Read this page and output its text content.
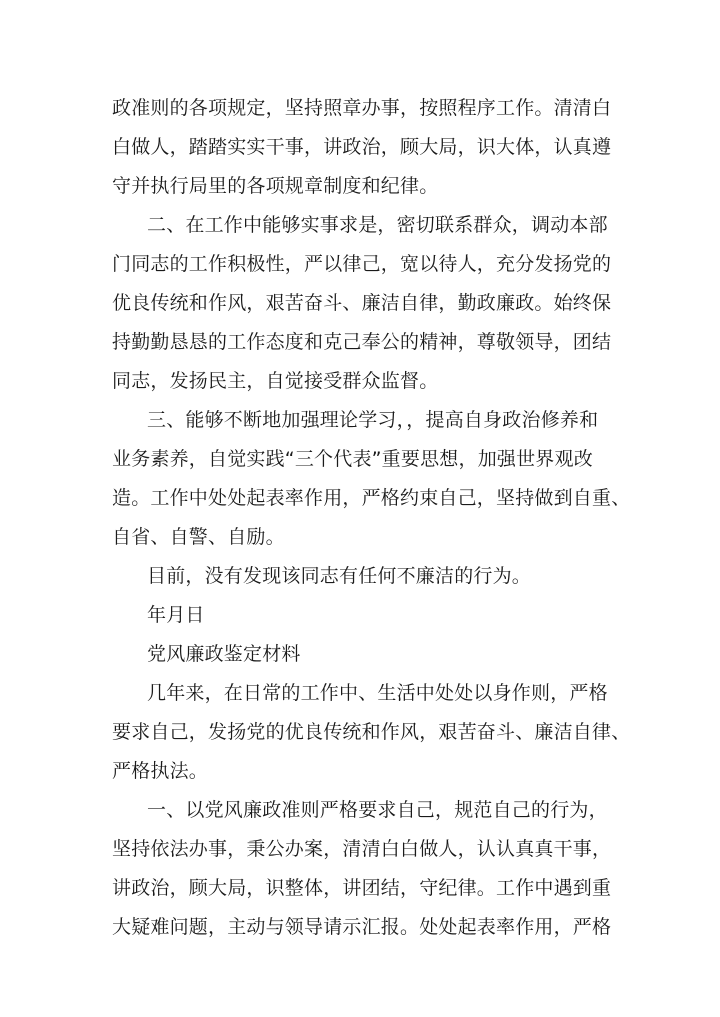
政准则的各项规定，坚持照章办事，按照程序工作。清清白
白做人，踏踏实实干事，讲政治，顾大局，识大体，认真遵
守并执行局里的各项规章制度和纪律。
二、在工作中能够实事求是，密切联系群众，调动本部
门同志的工作积极性，严以律己，宽以待人，充分发扬党的
优良传统和作风，艰苦奋斗、廉洁自律，勤政廉政。始终保
持勤勤恳恳的工作态度和克己奉公的精神，尊敬领导，团结
同志，发扬民主，自觉接受群众监督。
三、能够不断地加强理论学习，，提高自身政治修养和
业务素养，自觉实践“三个代表”重要思想，加强世界观改
造。工作中处处起表率作用，严格约束自己，坚持做到自重、
自省、自警、自励。
目前，没有发现该同志有任何不廉洁的行为。
年月日
党风廉政鉴定材料
几年来，在日常的工作中、生活中处处以身作则，严格
要求自己，发扬党的优良传统和作风，艰苦奋斗、廉洁自律、
严格执法。
一、以党风廉政准则严格要求自己，规范自己的行为，
坚持依法办事，秉公办案，清清白白做人，认认真真干事，
讲政治，顾大局，识整体，讲团结，守纪律。工作中遇到重
大疑难问题，主动与领导请示汇报。处处起表率作用，严格
